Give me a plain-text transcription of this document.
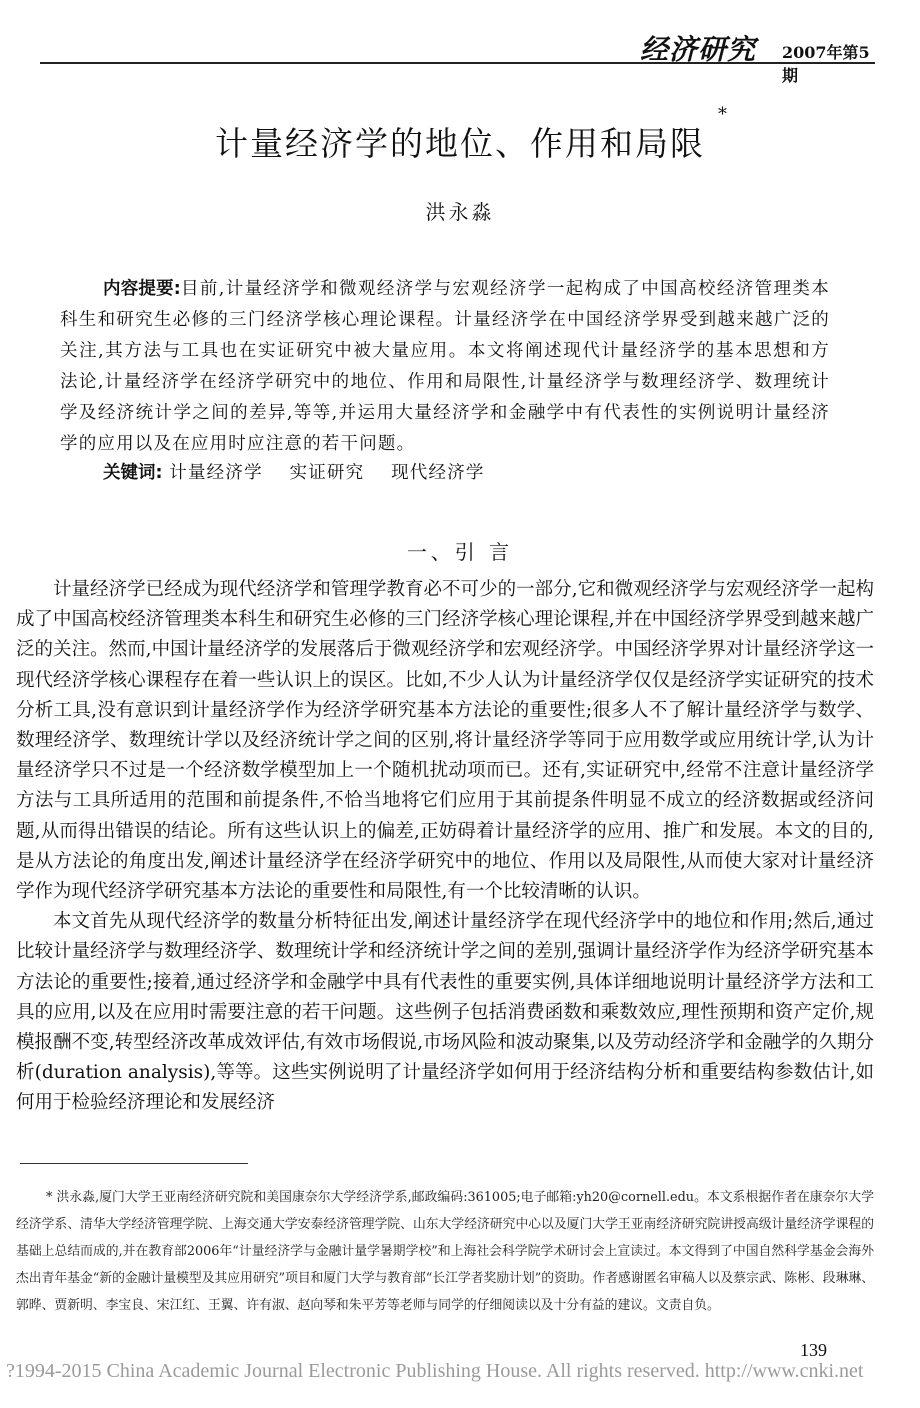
经济研究 2007年第5期
计量经济学的地位、作用和局限
*
洪永淼
内容提要:目前,计量经济学和微观经济学与宏观经济学一起构成了中国高校经济管理类本科生和研究生必修的三门经济学核心理论课程。计量经济学在中国经济学界受到越来越广泛的关注,其方法与工具也在实证研究中被大量应用。本文将阐述现代计量经济学的基本思想和方法论,计量经济学在经济学研究中的地位、作用和局限性,计量经济学与数理经济学、数理统计学及经济统计学之间的差异,等等,并运用大量经济学和金融学中有代表性的实例说明计量经济学的应用以及在应用时应注意的若干问题。
关键词: 计量经济学 实证研究 现代经济学
一、引 言

计量经济学已经成为现代经济学和管理学教育必不可少的一部分,它和微观经济学与宏观经济学一起构成了中国高校经济管理类本科生和研究生必修的三门经济学核心理论课程,并在中国经济学界受到越来越广泛的关注。然而,中国计量经济学的发展落后于微观经济学和宏观经济学。中国经济学界对计量经济学这一现代经济学核心课程存在着一些认识上的误区。比如,不少人认为计量经济学仅仅是经济学实证研究的技术分析工具,没有意识到计量经济学作为经济学研究基本方法论的重要性;很多人不了解计量经济学与数学、数理经济学、数理统计学以及经济统计学之间的区别,将计量经济学等同于应用数学或应用统计学,认为计量经济学只不过是一个经济数学模型加上一个随机扰动项而已。还有,实证研究中,经常不注意计量经济学方法与工具所适用的范围和前提条件,不恰当地将它们应用于其前提条件明显不成立的经济数据或经济问题,从而得出错误的结论。所有这些认识上的偏差,正妨碍着计量经济学的应用、推广和发展。本文的目的,是从方法论的角度出发,阐述计量经济学在经济学研究中的地位、作用以及局限性,从而使大家对计量经济学作为现代经济学研究基本方法论的重要性和局限性,有一个比较清晰的认识。

本文首先从现代经济学的数量分析特征出发,阐述计量经济学在现代经济学中的地位和作用;然后,通过比较计量经济学与数理经济学、数理统计学和经济统计学之间的差别,强调计量经济学作为经济学研究基本方法论的重要性;接着,通过经济学和金融学中具有代表性的重要实例,具体详细地说明计量经济学方法和工具的应用,以及在应用时需要注意的若干问题。这些例子包括消费函数和乘数效应,理性预期和资产定价,规模报酬不变,转型经济改革成效评估,有效市场假说,市场风险和波动聚集,以及劳动经济学和金融学的久期分析(duration analysis),等等。这些实例说明了计量经济学如何用于经济结构分析和重要结构参数估计,如何用于检验经济理论和发展经济

* 洪永淼,厦门大学王亚南经济研究院和美国康奈尔大学经济学系,邮政编码:361005;电子邮箱:yh20@cornell.edu。本文系根据作者在康奈尔大学经济学系、清华大学经济管理学院、上海交通大学安泰经济管理学院、山东大学经济研究中心以及厦门大学王亚南经济研究院讲授高级计量经济学课程的基础上总结而成的,并在教育部2006年“计量经济学与金融计量学暑期学校”和上海社会科学院学术研讨会上宣读过。本文得到了中国自然科学基金会海外杰出青年基金“新的金融计量模型及其应用研究”项目和厦门大学与教育部“长江学者奖励计划”的资助。作者感谢匿名审稿人以及蔡宗武、陈彬、段琳琳、郭晔、贾新明、李宝良、宋江红、王翼、许有淑、赵向琴和朱平芳等老师与同学的仔细阅读以及十分有益的建议。文责自负。

139
?1994-2015 China Academic Journal Electronic Publishing House. All rights reserved. http://www.cnki.net
